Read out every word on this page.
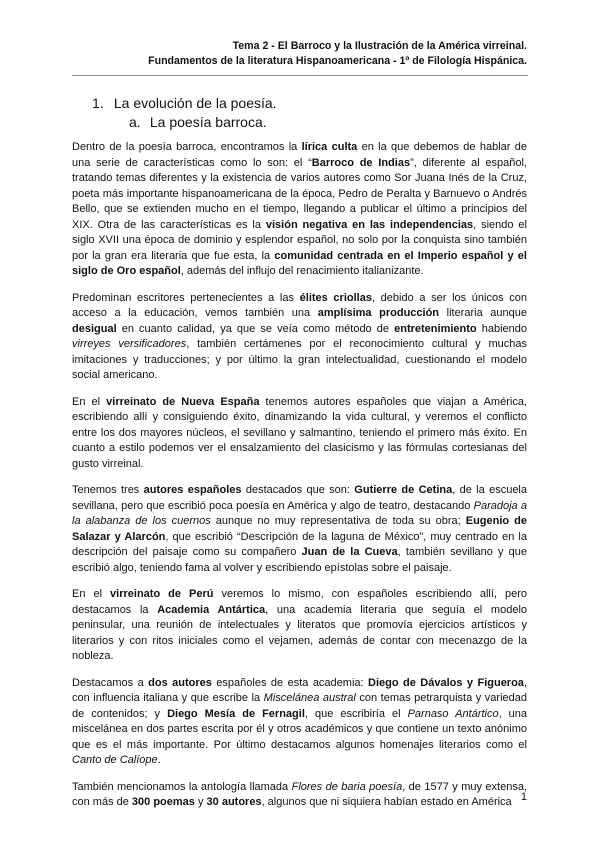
Tema 2 - El Barroco y la Ilustración de la América virreinal.
Fundamentos de la literatura Hispanoamericana - 1º de Filología Hispánica.
1. La evolución de la poesía.
a. La poesía barroca.

Dentro de la poesía barroca, encontramos la lírica culta en la que debemos de hablar de una serie de características como lo son: el “Barroco de Indias”, diferente al español, tratando temas diferentes y la existencia de varios autores como Sor Juana Inés de la Cruz, poeta más importante hispanoamericana de la época, Pedro de Peralta y Barnuevo o Andrés Bello, que se extienden mucho en el tiempo, llegando a publicar el último a principios del XIX. Otra de las características es la visión negativa en las independencias, siendo el siglo XVII una época de dominio y esplendor español, no solo por la conquista sino también por la gran era literaria que fue esta, la comunidad centrada en el Imperio español y el siglo de Oro español, además del influjo del renacimiento italianizante.

Predominan escritores pertenecientes a las élites criollas, debido a ser los únicos con acceso a la educación, vemos también una amplísima producción literaria aunque desigual en cuanto calidad, ya que se veía como método de entretenimiento habiendo virreyes versificadores, también certámenes por el reconocimiento cultural y muchas imitaciones y traducciones; y por último la gran intelectualidad, cuestionando el modelo social americano.

En el virreinato de Nueva España tenemos autores españoles que viajan a América, escribiendo allí y consiguiendo éxito, dinamizando la vida cultural, y veremos el conflicto entre los dos mayores núcleos, el sevillano y salmantino, teniendo el primero más éxito. En cuanto a estilo podemos ver el ensalzamiento del clasicismo y las fórmulas cortesianas del gusto virreinal.

Tenemos tres autores españoles destacados que son: Gutierre de Cetina, de la escuela sevillana, pero que escribió poca poesía en América y algo de teatro, destacando Paradoja a la alabanza de los cuernos aunque no muy representativa de toda su obra; Eugenio de Salazar y Alarcón, que escribió “Descripción de la laguna de México”, muy centrado en la descripción del paisaje como su compañero Juan de la Cueva, también sevillano y que escribió algo, teniendo fama al volver y escribiendo epístolas sobre el paisaje.

En el virreinato de Perú veremos lo mismo, con españoles escribiendo allí, pero destacamos la Academia Antártica, una academia literaria que seguía el modelo peninsular, una reunión de intelectuales y literatos que promovía ejercicios artísticos y literarios y con ritos iniciales como el vejamen, además de contar con mecenazgo de la nobleza.

Destacamos a dos autores españoles de esta academia: Diego de Dávalos y Figueroa, con influencia italiana y que escribe la Miscelánea austral con temas petrarquista y variedad de contenidos; y Diego Mesía de Fernagil, que escribiría el Parnaso Antártico, una miscelánea en dos partes escrita por él y otros académicos y que contiene un texto anónimo que es el más importante. Por último destacamos algunos homenajes literarios como el Canto de Calíope.

También mencionamos la antología llamada Flores de baria poesía, de 1577 y muy extensa, con más de 300 poemas y 30 autores, algunos que ni siquiera habían estado en América 1
